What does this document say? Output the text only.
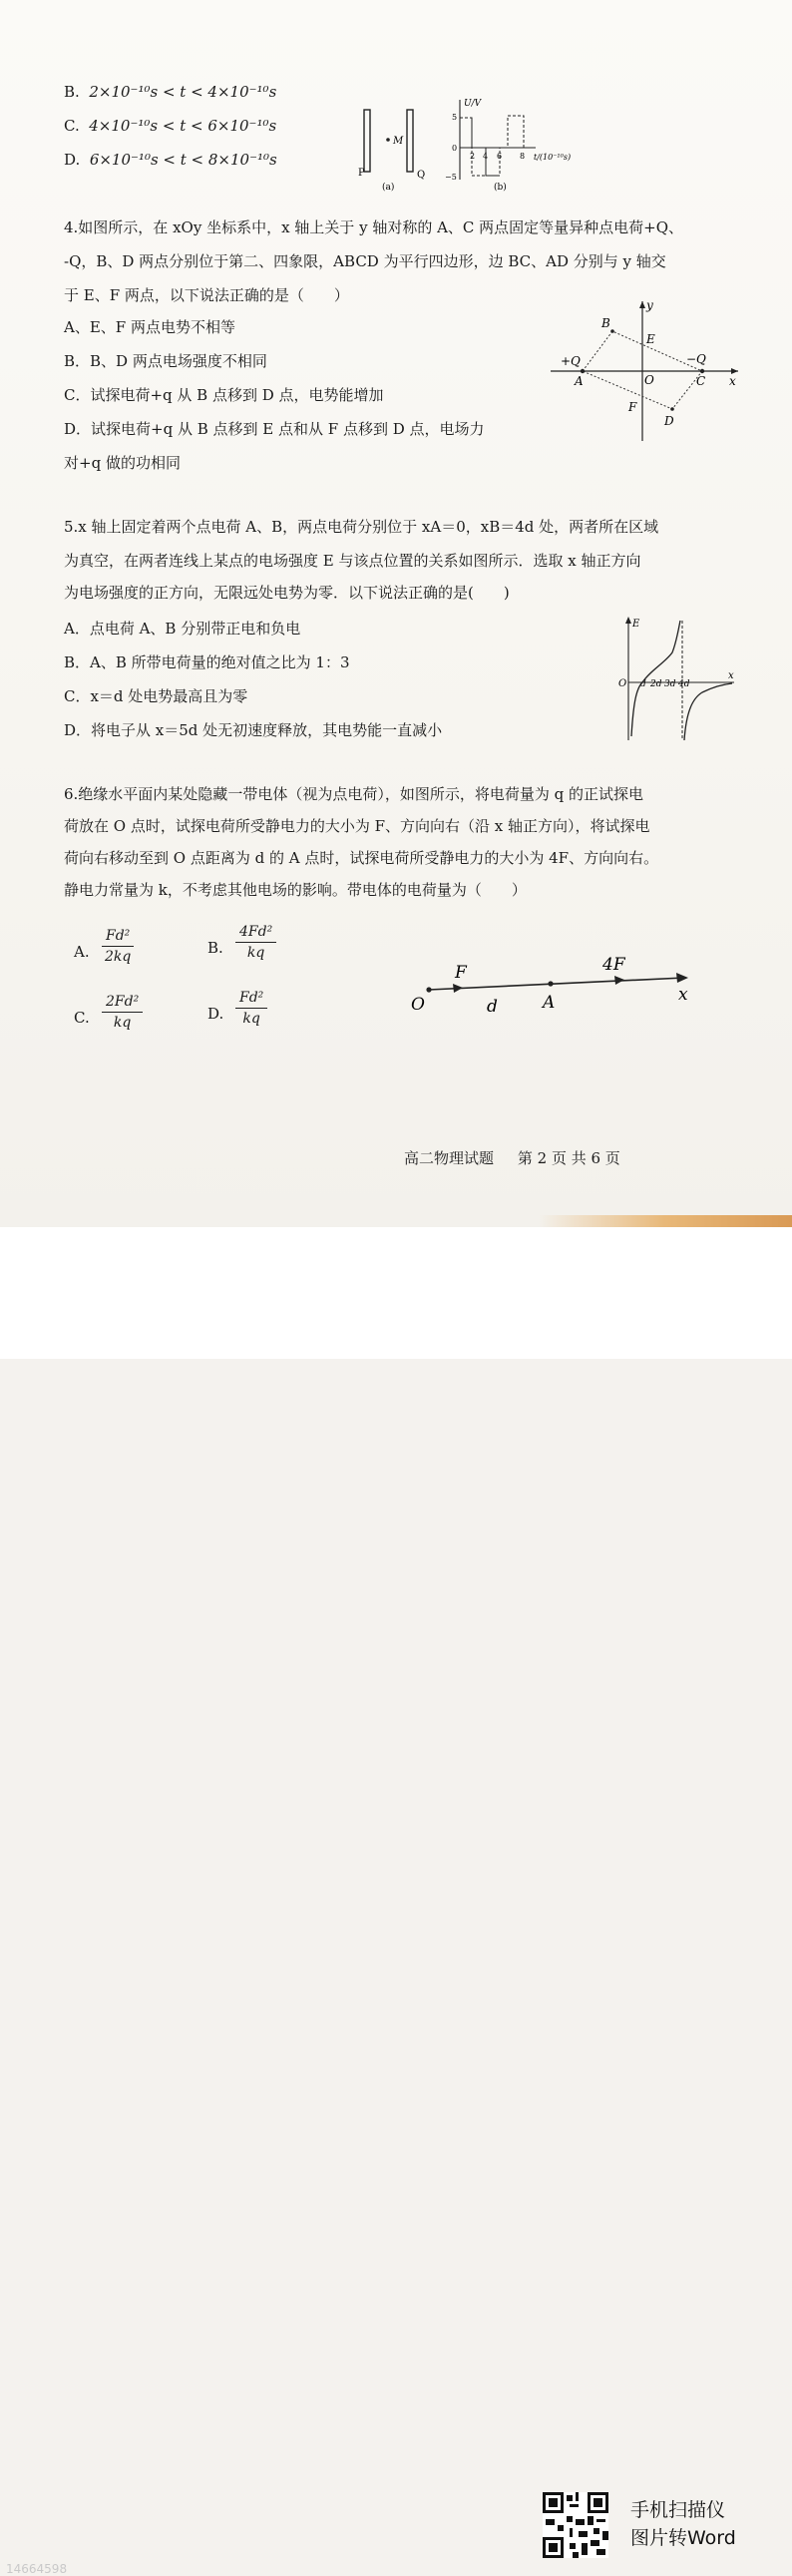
B. 2×10⁻¹⁰s < t < 4×10⁻¹⁰s
C. 4×10⁻¹⁰s < t < 6×10⁻¹⁰s
D. 6×10⁻¹⁰s < t < 8×10⁻¹⁰s
M
P	Q
(a)
U/V
5
0
−5
2 4 6 8 t/(10⁻¹⁰s)
(b)
4.如图所示，在 xOy 坐标系中，x 轴上关于 y 轴对称的 A、C 两点固定等量异种点电荷+Q、
-Q，B、D 两点分别位于第二、四象限，ABCD 为平行四边形，边 BC、AD 分别与 y 轴交
于 E、F 两点，以下说法正确的是（　　）
A、E、F 两点电势不相等
B．B、D 两点电场强度不相同
C．试探电荷+q 从 B 点移到 D 点，电势能增加
D．试探电荷+q 从 B 点移到 E 点和从 F 点移到 D 点，电场力
对+q 做的功相同
y
x
O
A
B
C
D
E
F
+Q	−Q
5.x 轴上固定着两个点电荷 A、B，两点电荷分别位于 xA＝0，xB＝4d 处，两者所在区域
为真空，在两者连线上某点的电场强度 E 与该点位置的关系如图所示．选取 x 轴正方向
为电场强度的正方向，无限远处电势为零．以下说法正确的是(　　)
A．点电荷 A、B 分别带正电和负电
B．A、B 所带电荷量的绝对值之比为 1：3
C．x＝d 处电势最高且为零
D．将电子从 x＝5d 处无初速度释放，其电势能一直减小
E
x
O d 2d 3d 4d
6.绝缘水平面内某处隐藏一带电体（视为点电荷），如图所示，将电荷量为 q 的正试探电
荷放在 O 点时，试探电荷所受静电力的大小为 F、方向向右（沿 x 轴正方向），将试探电
荷向右移动至到 O 点距离为 d 的 A 点时，试探电荷所受静电力的大小为 4F、方向向右。
静电力常量为 k，不考虑其他电场的影响。带电体的电荷量为（　　）
A. $\frac{\text{Fd²}}{2kq}$	B. $\frac{\text{4Fd²}}{kq}$
C. $\frac{\text{2Fd²}}{kq}$	D. $\frac{\text{Fd²}}{kq}$	O	A	x
F	4F
d
高二物理试题 第 2 页 共 6 页
手机扫描仪
图片转Word
14664598
